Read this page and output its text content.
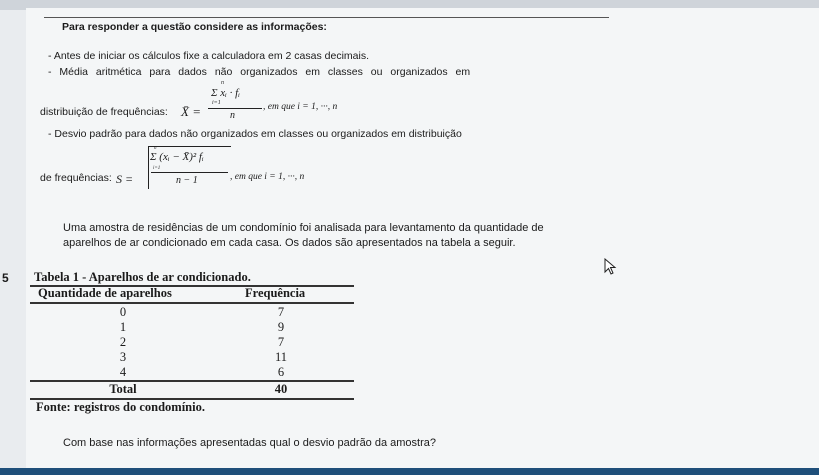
Para responder a questão considere as informações:
- Antes de iniciar os cálculos fixe a calculadora em 2 casas decimais.
- Média aritmética para dados não organizados em classes ou organizados em
distribuição de frequências: X̄ =
n
Σ xᵢ · fᵢ
i=1
n
, em que i = 1, ···, n
- Desvio padrão para dados não organizados em classes ou organizados em distribuição
de frequências: S =
n
Σ (xᵢ − X̄)² fᵢ
i=1
n − 1	, em que i = 1, ···, n
Uma amostra de residências de um condomínio foi analisada para levantamento da quantidade de
aparelhos de ar condicionado em cada casa. Os dados são apresentados na tabela a seguir.
5 Tabela 1 - Aparelhos de ar condicionado.
Quantidade de aparelhos	Frequência
0	7
1	9
2	7
3	11
4	6
Total	40
Fonte: registros do condomínio.
Com base nas informações apresentadas qual o desvio padrão da amostra?
